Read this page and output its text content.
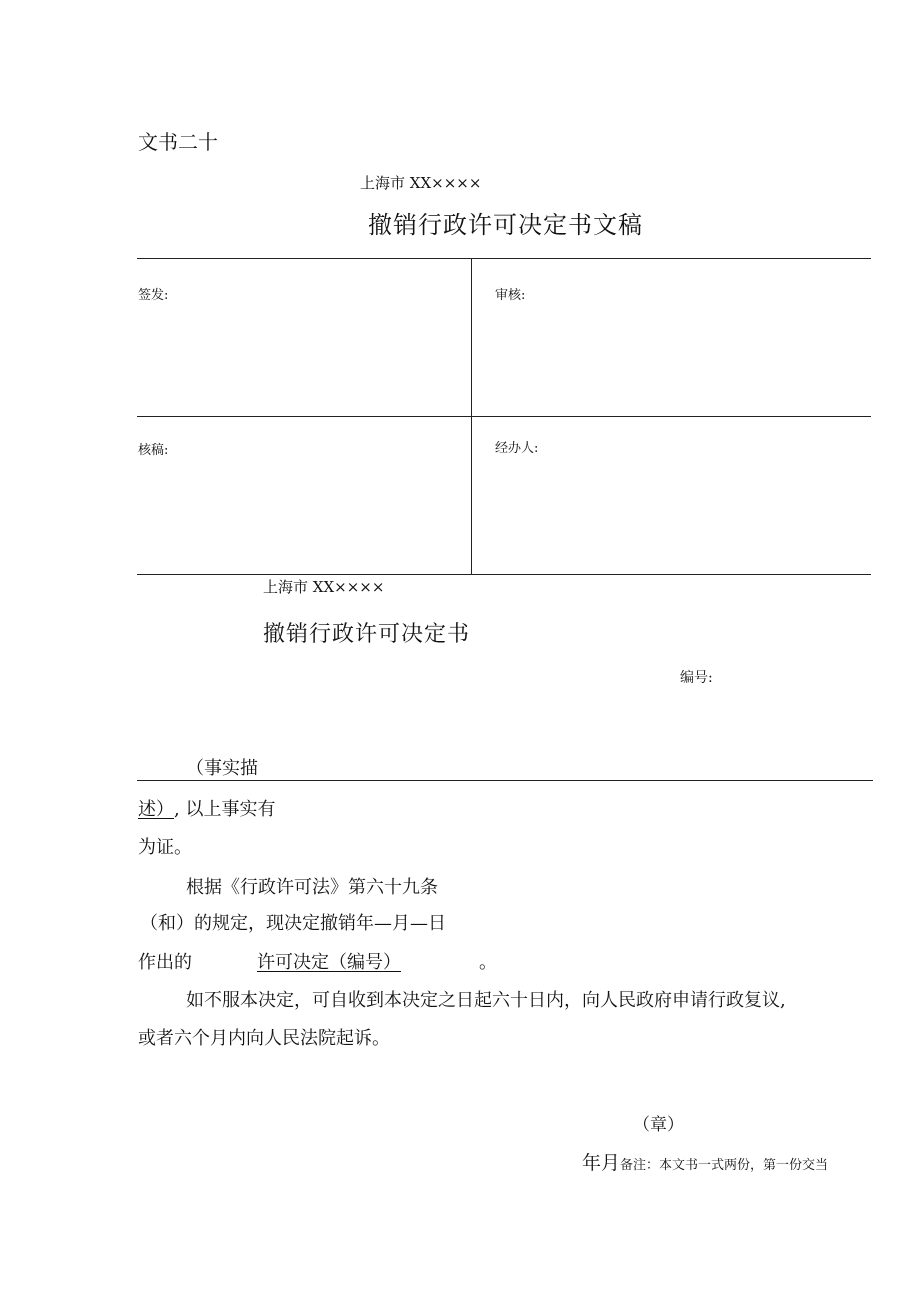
文书二十
上海市 XX××××
撤销行政许可决定书文稿
签发:	审核:
核稿:	经办人:
上海市 XX××××
撤销行政许可决定书
编号:
（事实描
述）, 以上事实有
为证。
根据《行政许可法》第六十九条
（和）的规定，现决定撤销年—月—日
作出的	许可决定（编号）	。
如不服本决定，可自收到本决定之日起六十日内，向人民政府申请行政复议,
或者六个月内向人民法院起诉。
（章）
年月备注：本文书一式两份，第一份交当
